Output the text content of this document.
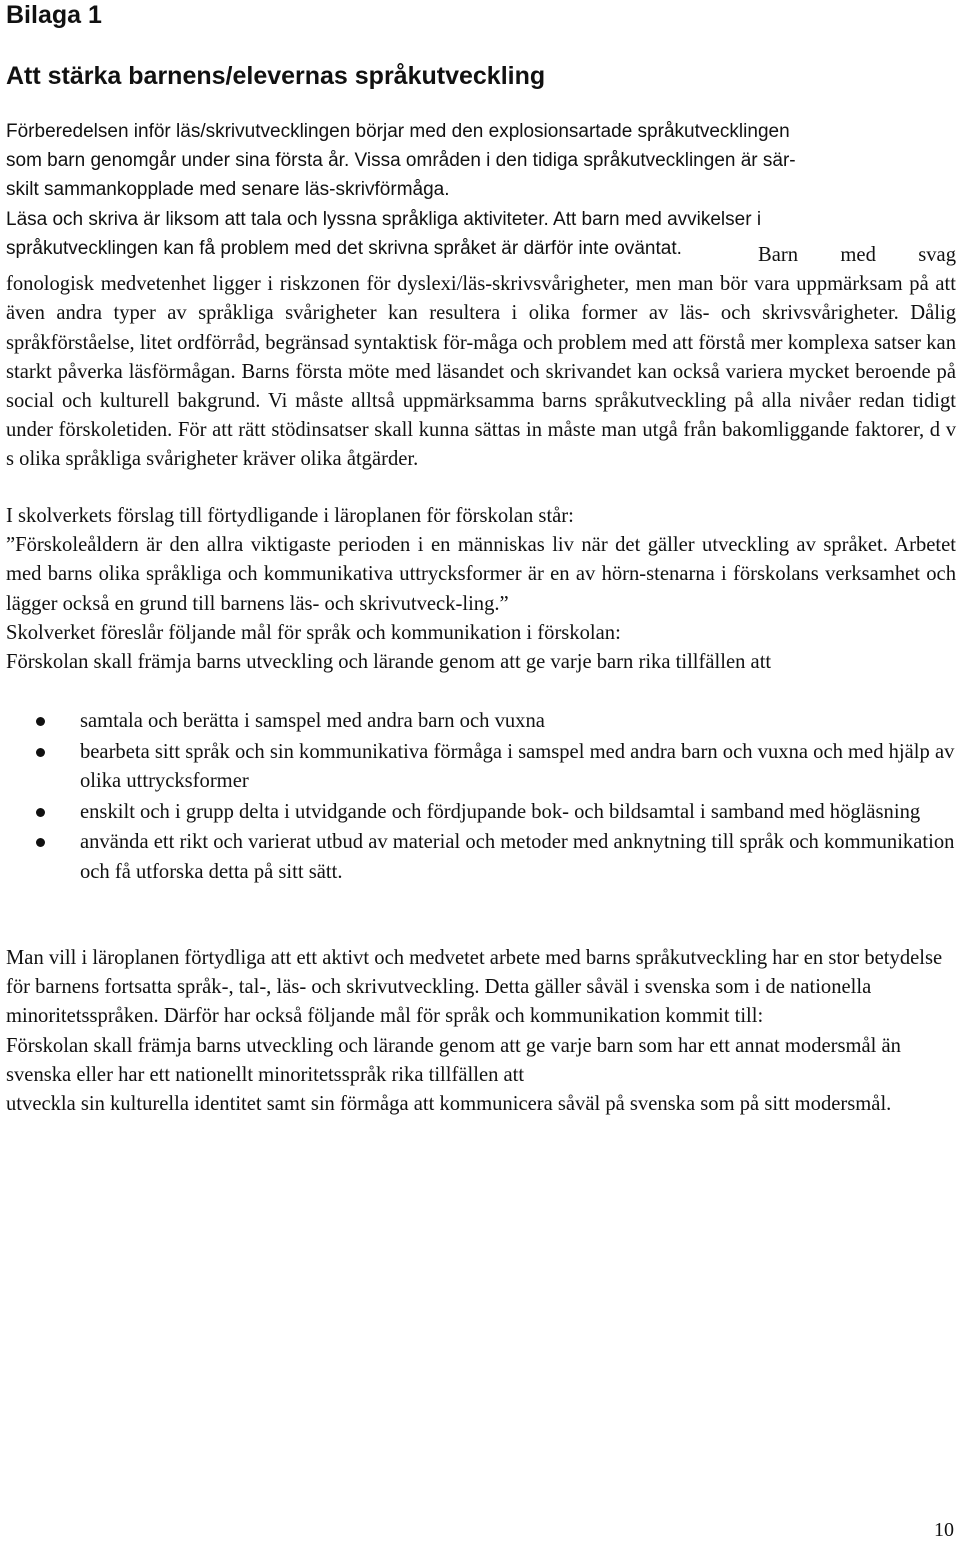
Bilaga 1
Att stärka barnens/elevernas språkutveckling
Förberedelsen inför läs/skrivutvecklingen börjar med den explosionsartade språkutvecklingen
som barn genomgår under sina första år. Vissa områden i den tidiga språkutvecklingen är sär-
skilt sammankopplade med senare läs-skrivförmåga.
Läsa och skriva är liksom att tala och lyssna språkliga aktiviteter. Att barn med avvikelser i
språkutvecklingen kan få problem med det skrivna språket är därför inte oväntat.	Barn med svag fonologisk medvetenhet ligger i riskzonen för dyslexi/läs-skrivsvårigheter, men man bör vara uppmärksam på att även andra typer av språkliga svårigheter kan resultera i olika former av läs- och skrivsvårigheter. Dålig språkförståelse, litet ordförråd, begränsad syntaktisk för-måga och problem med att förstå mer komplexa satser kan starkt påverka läsförmågan. Barns första möte med läsandet och skrivandet kan också variera mycket beroende på social och kulturell bakgrund. Vi måste alltså uppmärksamma barns språkutveckling på alla nivåer redan tidigt under förskoletiden. För att rätt stödinsatser skall kunna sättas in måste man utgå från bakomliggande faktorer, d v s olika språkliga svårigheter kräver olika åtgärder.
I skolverkets förslag till förtydligande i läroplanen för förskolan står:
”Förskoleåldern är den allra viktigaste perioden i en människas liv när det gäller utveckling av språket. Arbetet med barns olika språkliga och kommunikativa uttrycksformer är en av hörn-stenarna i förskolans verksamhet och lägger också en grund till barnens läs- och skrivutveck-ling.”
Skolverket föreslår följande mål för språk och kommunikation i förskolan:
Förskolan skall främja barns utveckling och lärande genom att ge varje barn rika tillfällen att
samtala och berätta i samspel med andra barn och vuxna
bearbeta sitt språk och sin kommunikativa förmåga i samspel med andra barn och vuxna och med hjälp av olika uttrycksformer
enskilt och i grupp delta i utvidgande och fördjupande bok- och bildsamtal i samband med högläsning
använda ett rikt och varierat utbud av material och metoder med anknytning till språk och kommunikation och få utforska detta på sitt sätt.
Man vill i läroplanen förtydliga att ett aktivt och medvetet arbete med barns språkutveckling har en stor betydelse för barnens fortsatta språk-, tal-, läs- och skrivutveckling. Detta gäller såväl i svenska som i de nationella minoritetsspråken. Därför har också följande mål för språk och kommunikation kommit till:
Förskolan skall främja barns utveckling och lärande genom att ge varje barn som har ett annat modersmål än svenska eller har ett nationellt minoritetsspråk rika tillfällen att
utveckla sin kulturella identitet samt sin förmåga att kommunicera såväl på svenska som på sitt modersmål.
10
